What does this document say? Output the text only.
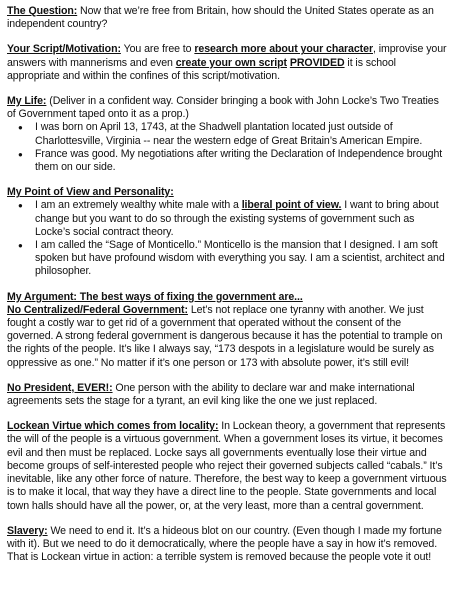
The Question: Now that we’re free from Britain, how should the United States operate as an independent country?

Your Script/Motivation: You are free to research more about your character, improvise your answers with mannerisms and even create your own script PROVIDED it is school appropriate and within the confines of this script/motivation.

My Life: (Deliver in a confident way. Consider bringing a book with John Locke’s Two Treaties of Government taped onto it as a prop.)

● I was born on April 13, 1743, at the Shadwell plantation located just outside of Charlottesville, Virginia -- near the western edge of Great Britain’s American Empire.
● France was good. My negotiations after writing the Declaration of Independence brought them on our side.

My Point of View and Personality:

● I am an extremely wealthy white male with a liberal point of view. I want to bring about change but you want to do so through the existing systems of government such as Locke’s social contract theory.
● I am called the “Sage of Monticello.” Monticello is the mansion that I designed. I am soft spoken but have profound wisdom with everything you say. I am a scientist, architect and philosopher.

My Argument: The best ways of fixing the government are...

No Centralized/Federal Government: Let’s not replace one tyranny with another. We just fought a costly war to get rid of a government that operated without the consent of the governed. A strong federal government is dangerous because it has the potential to trample on the rights of the people. It’s like I always say, “173 despots in a legislature would be surely as oppressive as one.” No matter if it’s one person or 173 with absolute power, it’s still evil!

No President, EVER!: One person with the ability to declare war and make international agreements sets the stage for a tyrant, an evil king like the one we just replaced.

Lockean Virtue which comes from locality: In Lockean theory, a government that represents the will of the people is a virtuous government. When a government loses its virtue, it becomes evil and then must be replaced. Locke says all governments eventually lose their virtue and become groups of self-interested people who reject their governed subjects called “cabals.” It’s inevitable, like any other force of nature. Therefore, the best way to keep a government virtuous is to make it local, that way they have a direct line to the people. State governments and local town halls should have all the power, or, at the very least, more than a central government.

Slavery: We need to end it. It’s a hideous blot on our country. (Even though I made my fortune with it). But we need to do it democratically, where the people have a say in how it’s removed. That is Lockean virtue in action: a terrible system is removed because the people vote it out!
